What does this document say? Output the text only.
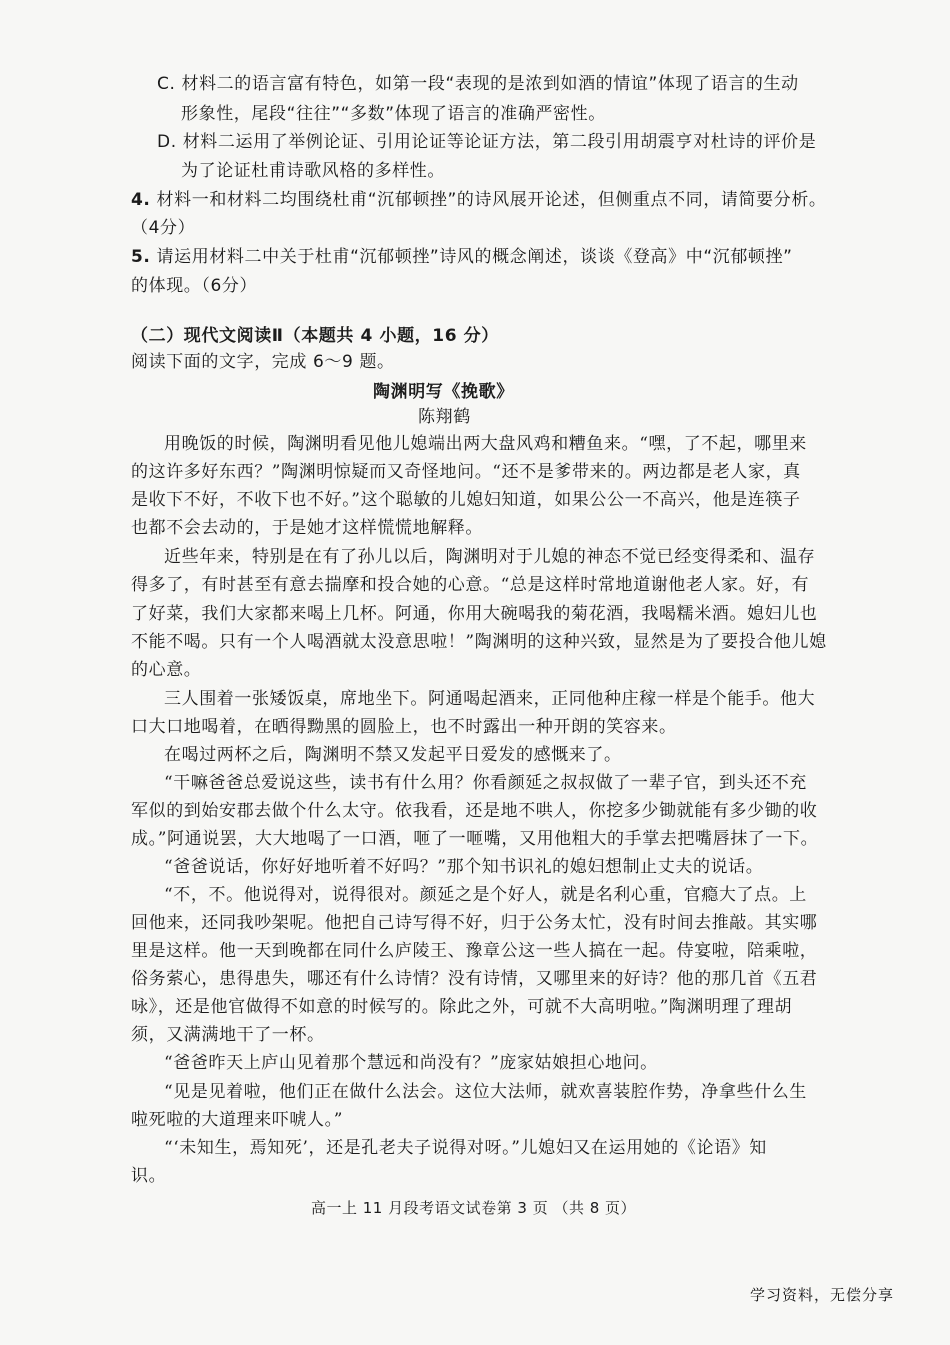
C. 材料二的语言富有特色，如第一段“表现的是浓到如酒的情谊”体现了语言的生动
形象性，尾段“往往”“多数”体现了语言的准确严密性。
D. 材料二运用了举例论证、引用论证等论证方法，第二段引用胡震亨对杜诗的评价是
为了论证杜甫诗歌风格的多样性。
4. 材料一和材料二均围绕杜甫“沉郁顿挫”的诗风展开论述，但侧重点不同，请简要分析。
（4分）
5. 请运用材料二中关于杜甫“沉郁顿挫”诗风的概念阐述，谈谈《登高》中“沉郁顿挫”
的体现。（6分）
（二）现代文阅读Ⅱ（本题共 4 小题，16 分）
阅读下面的文字，完成 6～9 题。
陶渊明写《挽歌》
陈翔鹤
用晚饭的时候，陶渊明看见他儿媳端出两大盘风鸡和糟鱼来。“嘿，了不起，哪里来
的这许多好东西？”陶渊明惊疑而又奇怪地问。“还不是爹带来的。两边都是老人家，真
是收下不好，不收下也不好。”这个聪敏的儿媳妇知道，如果公公一不高兴，他是连筷子
也都不会去动的，于是她才这样慌慌地解释。
近些年来，特别是在有了孙儿以后，陶渊明对于儿媳的神态不觉已经变得柔和、温存
得多了，有时甚至有意去揣摩和投合她的心意。“总是这样时常地道谢他老人家。好，有
了好菜，我们大家都来喝上几杯。阿通，你用大碗喝我的菊花酒，我喝糯米酒。媳妇儿也
不能不喝。只有一个人喝酒就太没意思啦！”陶渊明的这种兴致，显然是为了要投合他儿媳
的心意。
三人围着一张矮饭桌，席地坐下。阿通喝起酒来，正同他种庄稼一样是个能手。他大
口大口地喝着，在晒得黝黑的圆脸上，也不时露出一种开朗的笑容来。
在喝过两杯之后，陶渊明不禁又发起平日爱发的感慨来了。
“干嘛爸爸总爱说这些，读书有什么用？你看颜延之叔叔做了一辈子官，到头还不充
军似的到始安郡去做个什么太守。依我看，还是地不哄人，你挖多少锄就能有多少锄的收
成。”阿通说罢，大大地喝了一口酒，咂了一咂嘴，又用他粗大的手掌去把嘴唇抹了一下。
“爸爸说话，你好好地听着不好吗？”那个知书识礼的媳妇想制止丈夫的说话。
“不，不。他说得对，说得很对。颜延之是个好人，就是名利心重，官瘾大了点。上
回他来，还同我吵架呢。他把自己诗写得不好，归于公务太忙，没有时间去推敲。其实哪
里是这样。他一天到晚都在同什么庐陵王、豫章公这一些人搞在一起。侍宴啦，陪乘啦，
俗务萦心，患得患失，哪还有什么诗情？没有诗情，又哪里来的好诗？他的那几首《五君
咏》，还是他官做得不如意的时候写的。除此之外，可就不大高明啦。”陶渊明理了理胡
须，又满满地干了一杯。
“爸爸昨天上庐山见着那个慧远和尚没有？”庞家姑娘担心地问。
“见是见着啦，他们正在做什么法会。这位大法师，就欢喜装腔作势，净拿些什么生
啦死啦的大道理来吓唬人。”
“‘未知生，焉知死’，还是孔老夫子说得对呀。”儿媳妇又在运用她的《论语》知
识。
高一上 11 月段考语文试卷第 3 页 （共 8 页）
学习资料，无偿分享
